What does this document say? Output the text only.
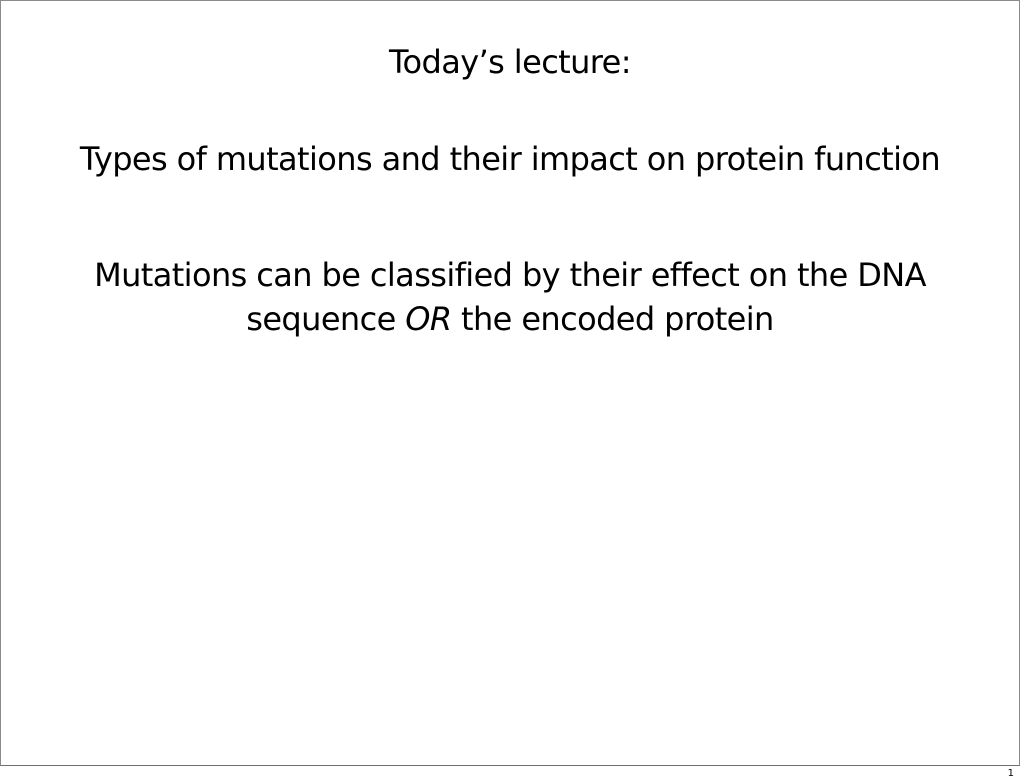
Today’s lecture:
Types of mutations and their impact on protein function
Mutations can be classified by their effect on the DNA
sequence OR the encoded protein
1
